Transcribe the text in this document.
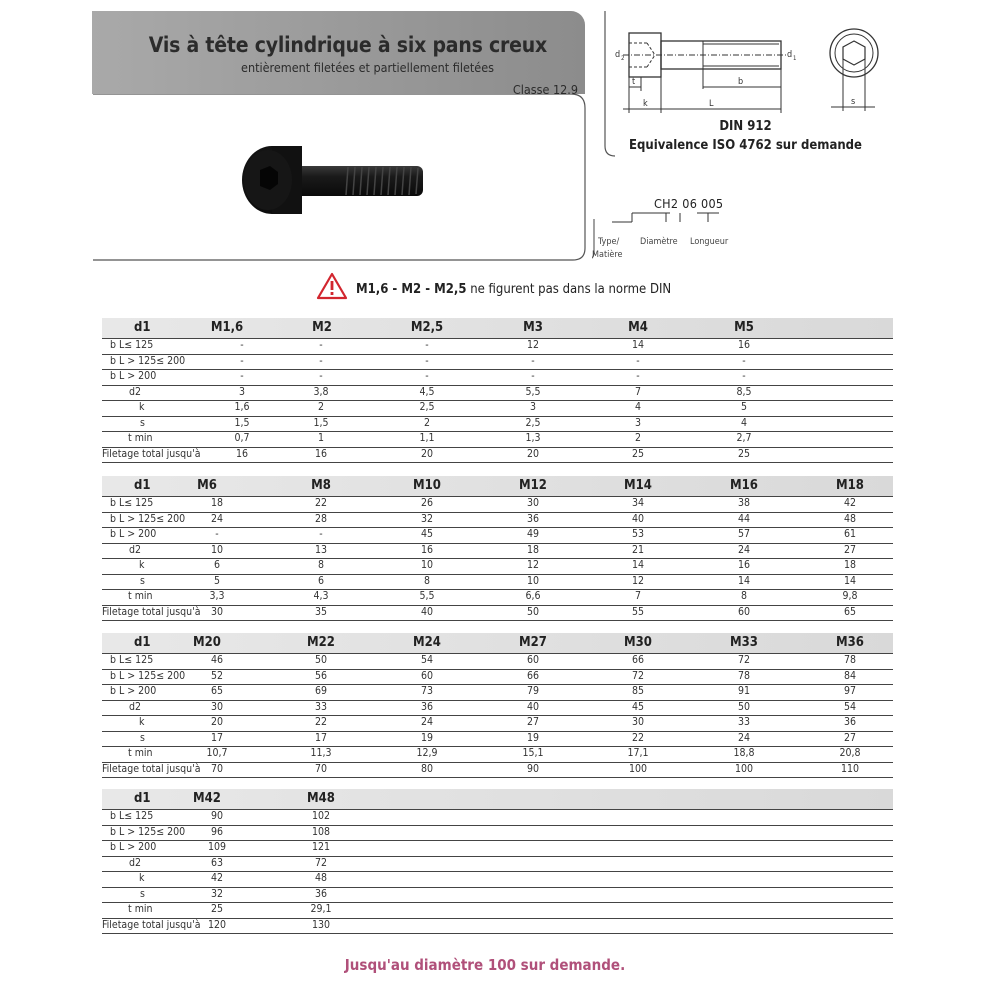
Vis à tête cylindrique à six pans creux
entièrement filetées et partiellement filetées
Classe 12.9
d 2	d 1
t	b
k	L	s
DIN 912
Equivalence ISO 4762 sur demande
CH2 06 005
Type/
Matière
Diamètre Longueur
M1,6 - M2 - M2,5 ne figurent pas dans la norme DIN
d1	M1,6	M2	M2,5	M3	M4	M5
b L≤ 125	-	-	-	12	14	16
b L > 125≤ 200	-	-	-	-	-	-
b L > 200	-	-	-	-	-	-
d2	3	3,8	4,5	5,5	7	8,5
k	1,6	2	2,5	3	4	5
s	1,5	1,5	2	2,5	3	4
t min	0,7	1	1,1	1,3	2	2,7
Filetage total jusqu'à	16	16	20	20	25	25
d1	M6	M8	M10	M12	M14	M16	M18
b L≤ 125	18	22	26	30	34	38	42
b L > 125≤ 200	24	28	32	36	40	44	48
b L > 200	-	-	45	49	53	57	61
d2	10	13	16	18	21	24	27
k	6	8	10	12	14	16	18
s	5	6	8	10	12	14	14
t min	3,3	4,3	5,5	6,6	7	8	9,8
Filetage total jusqu'à 30	35	40	50	55	60	65
d1	M20	M22	M24	M27	M30	M33	M36
b L≤ 125	46	50	54	60	66	72	78
b L > 125≤ 200	52	56	60	66	72	78	84
b L > 200	65	69	73	79	85	91	97
d2	30	33	36	40	45	50	54
k	20	22	24	27	30	33	36
s	17	17	19	19	22	24	27
t min	10,7	11,3	12,9	15,1	17,1	18,8	20,8
Filetage total jusqu'à 70	70	80	90	100	100	110
d1	M42	M48
b L≤ 125	90	102
b L > 125≤ 200	96	108
b L > 200	109	121
d2	63	72
k	42	48
s	32	36
t min	25	29,1
Filetage total jusqu'à 120	130
Jusqu'au diamètre 100 sur demande.
